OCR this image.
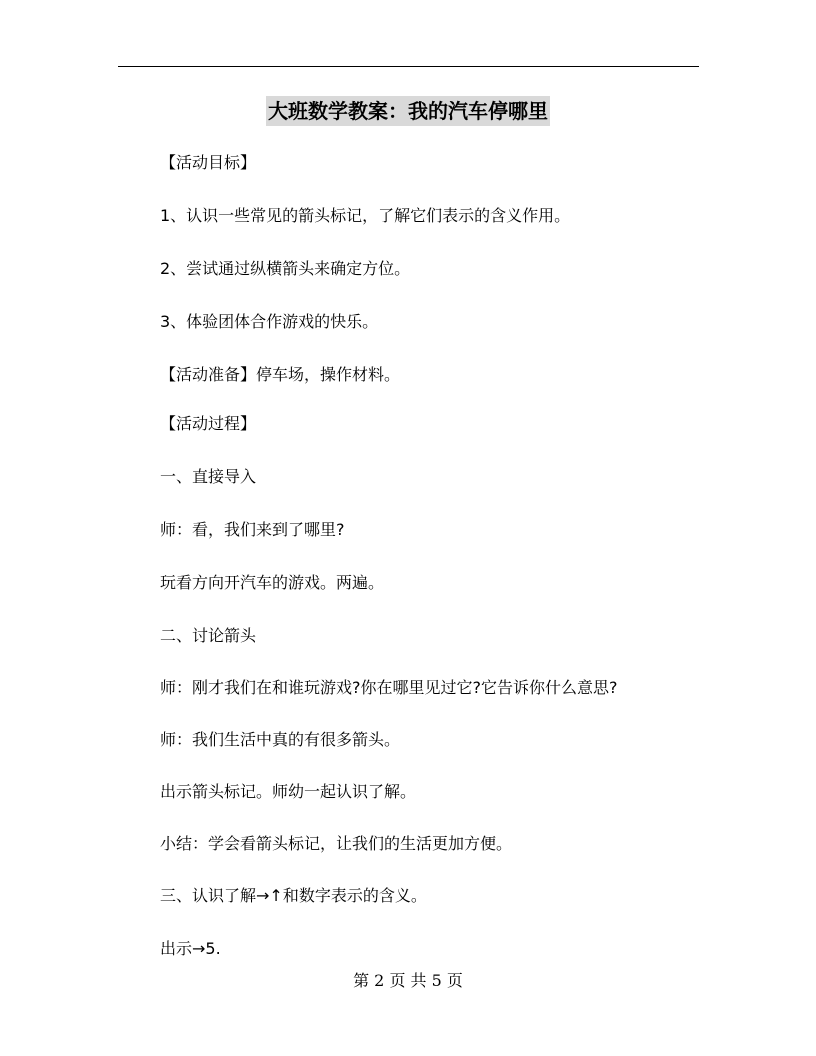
大班数学教案：我的汽车停哪里
【活动目标】
1、认识一些常见的箭头标记，了解它们表示的含义作用。
2、尝试通过纵横箭头来确定方位。
3、体验团体合作游戏的快乐。
【活动准备】停车场，操作材料。
【活动过程】
一、直接导入
师：看，我们来到了哪里?
玩看方向开汽车的游戏。两遍。
二、讨论箭头
师：刚才我们在和谁玩游戏?你在哪里见过它?它告诉你什么意思?
师：我们生活中真的有很多箭头。
出示箭头标记。师幼一起认识了解。
小结：学会看箭头标记，让我们的生活更加方便。
三、认识了解→↑和数字表示的含义。
出示→5.
第 2 页 共 5 页
